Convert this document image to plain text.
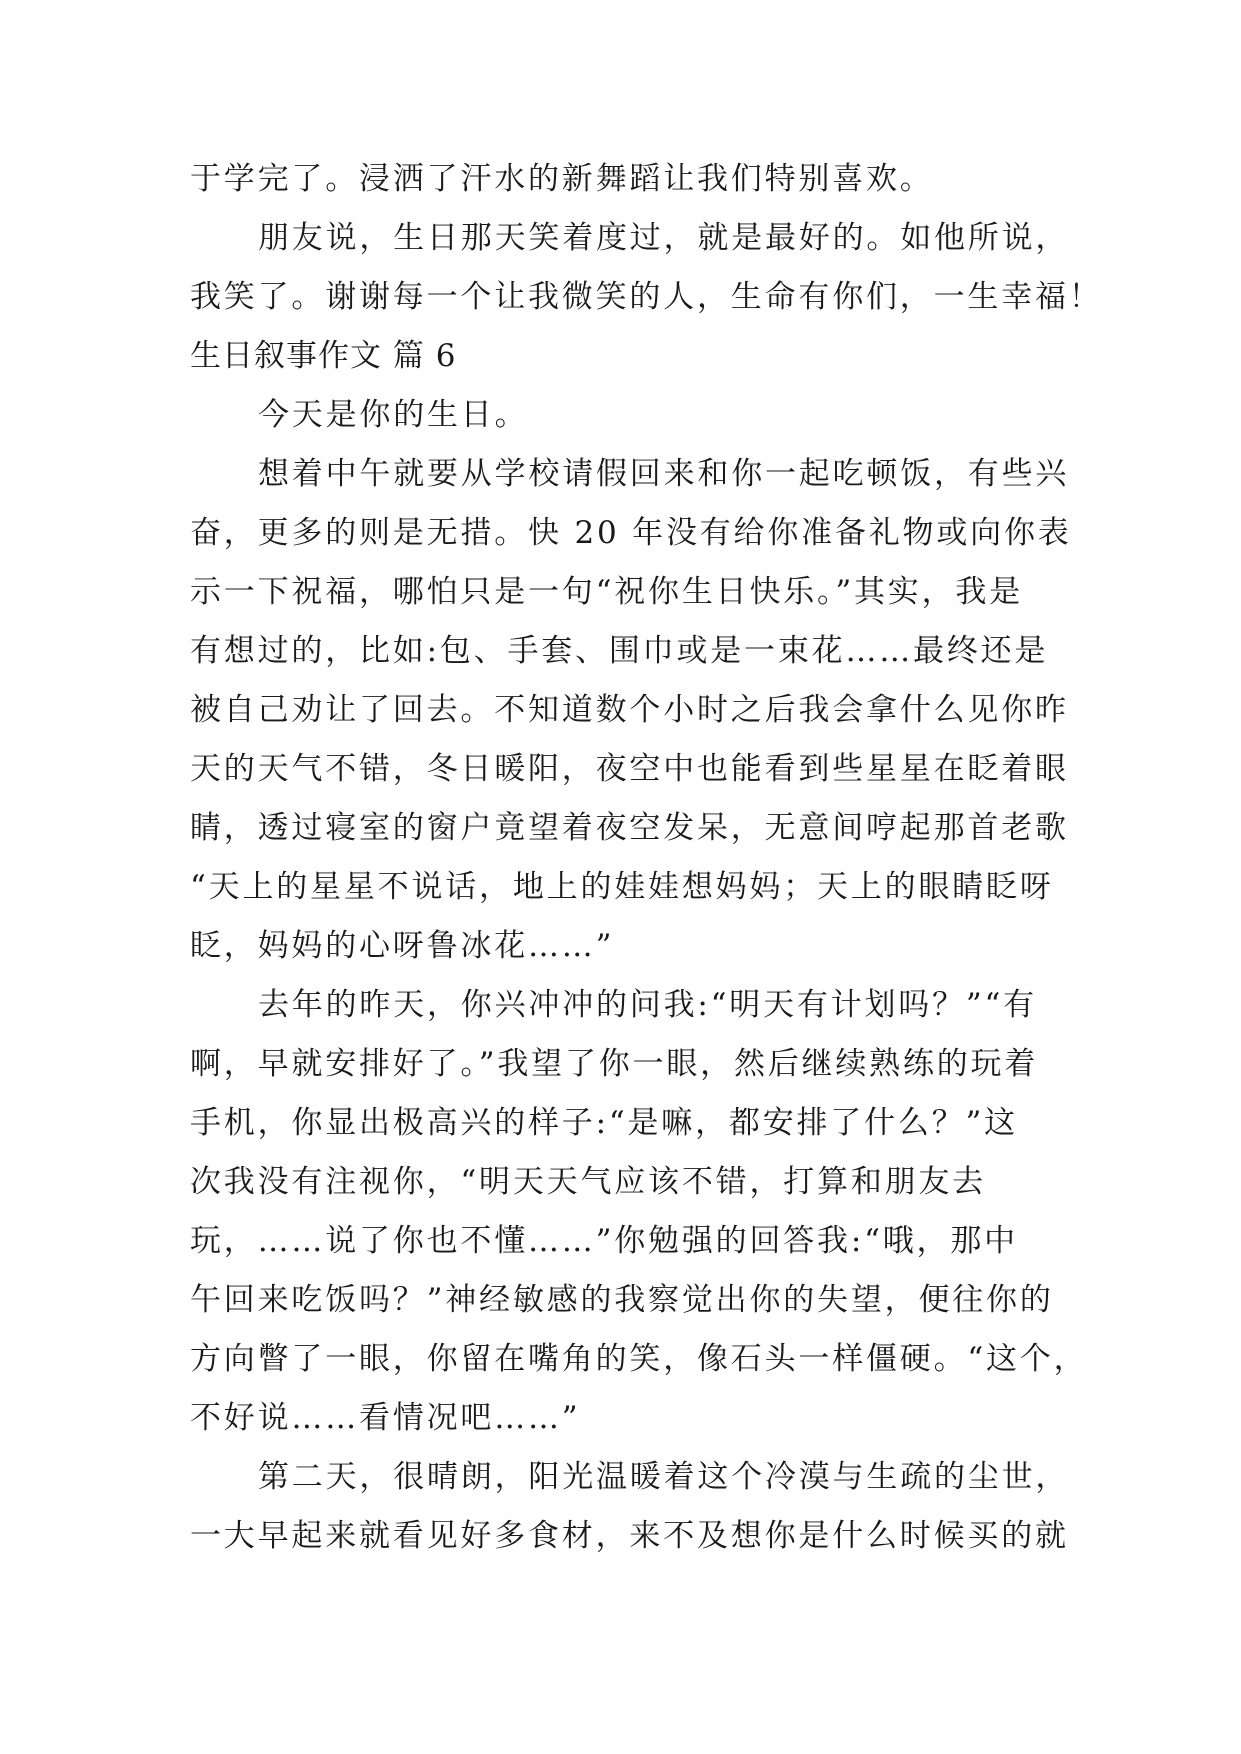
于学完了。浸洒了汗水的新舞蹈让我们特别喜欢。
朋友说，生日那天笑着度过，就是最好的。如他所说，
我笑了。谢谢每一个让我微笑的人，生命有你们，一生幸福！
生日叙事作文 篇 6
今天是你的生日。
想着中午就要从学校请假回来和你一起吃顿饭，有些兴
奋，更多的则是无措。快 20 年没有给你准备礼物或向你表
示一下祝福，哪怕只是一句“祝你生日快乐。”其实，我是
有想过的，比如:包、手套、围巾或是一束花……最终还是
被自己劝让了回去。不知道数个小时之后我会拿什么见你昨
天的天气不错，冬日暖阳，夜空中也能看到些星星在眨着眼
睛，透过寝室的窗户竟望着夜空发呆，无意间哼起那首老歌
“天上的星星不说话，地上的娃娃想妈妈；天上的眼睛眨呀
眨，妈妈的心呀鲁冰花……”
去年的昨天，你兴冲冲的问我:“明天有计划吗？”“有
啊，早就安排好了。”我望了你一眼，然后继续熟练的玩着
手机，你显出极高兴的样子:“是嘛，都安排了什么？”这
次我没有注视你，“明天天气应该不错，打算和朋友去
玩，……说了你也不懂……”你勉强的回答我:“哦，那中
午回来吃饭吗？”神经敏感的我察觉出你的失望，便往你的
方向瞥了一眼，你留在嘴角的笑，像石头一样僵硬。“这个，
不好说……看情况吧……”
第二天，很晴朗，阳光温暖着这个冷漠与生疏的尘世，
一大早起来就看见好多食材，来不及想你是什么时候买的就
